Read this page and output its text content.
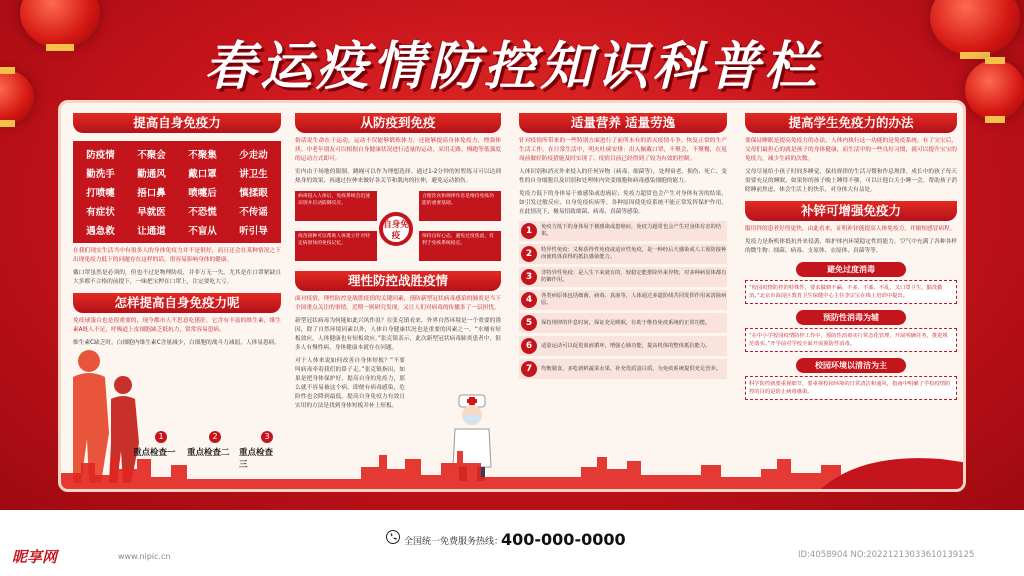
春运疫情防控知识科普栏
提高自身免疫力
防疫情	不聚会	不聚集	少走动
勤洗手	勤通风	戴口罩	讲卫生
打喷嚏	捂口鼻	喷嚏后	慎揉眼
有症状	早就医	不恐慌	不传谣
遇急救	让通道	不盲从	听引导
在我们现实生活当中有很多人的身体免疫力并不是很好，而且还会在某种情况之下出现免疫力低下的问题存在这样的话，很容易影响身体的健康。
戴口罩虽然是必须的，但也不过是物理防疫，并非万无一失。尤其是在口罩紧缺且大多都不合格的前提下，一味把宝押在口罩上，注定要吃大亏。
怎样提高自身免疫力呢
免疫球蛋白也是很重要的，现今都市人不思意吃猪肝，它含有丰富的维生素，维生素A既人不足，呼吸道上皮细胞缺乏抵抗力，常常容易患病。
维生素C缺乏时，白细胞内维生素C含量减少，白细胞的战斗力减弱，人体易患病。
1	2	3
重点检查一 重点检查二 重点检查三
从防疫到免疫
俗话说生命在于运动，运动不仅能够锻炼体力，还能够提高身体免疫力，增强体质。中老年朋友可以根据自身健康状况进行适量的运动，采用走路、慢跑等低强度的运动方式即可。
室内由于场地的限制，跳绳可以作为理想选择。通过1-2分钟的短暂练习可以达到热身的效果，再通过拉伸来做好各关节和肌肉的拉伸，避免运动损伤。
病毒侵入人体后，免疫系统会迅速识别并启动防御反应。
合理饮食和规律作息是维持免疫功能的重要基础。
疫苗接种可以帮助人体建立针对特定病原体的免疫记忆。
保持良好心态，避免过度焦虑，有利于免疫系统稳定。
自身免疫
理性防控战胜疫情
面对疫情，理性防控是战胜疫情的关键因素，预防新型冠状病毒感染的肺炎是当下全国重点关注的事情。近期一则研究发现，又让人们对病毒的传播多了一层担忧。
新型冠状病毒为何能如此兴风作浪？在张克镇看来，外界自然环境是一个重要的诱因，除了自然环境因素以外，人体自身健康状况也是重要的因素之一。“水桶有短板效应，人体健康也有短板效应。”张克镇表示，此次新型冠状病毒肺炎患者中，很多人有慢性病，身体健康本就存在问题。
对于人体来说如何改善自身体短板？“不要叫病毒牵着我们的鼻子走。”张克镇指出，如果是把身体保护好，提高自身的免疫力，那么就不容易被这个病。即便有病毒感染，危险性也会降到最低。提高自身免疫力有效且实用的方法是找到身体短板并补上短板。
适量营养 适量劳逸
针对疫情所带来的一些特别方面进行了前所未有的消灭疫情斗争，恢复正常的生产生活工作。在日常生活中，明火吐痰安排：出入佩戴口罩，不聚会，不聚餐，在返岗前做好防疫措施及时实现了。疫情目前已经得到了较为有效的控制。
人体识别和消灭外来侵入的任何异物（病毒、细菌等），处理衰老、损伤、死亡、变性的自身细胞以及识别和处理体内突变细胞和病毒感染细胞的能力。
免疫力低下的身体易于被感染或患癌症；免疫力超常也会产生对身体有害的结果，如引发过敏反应、自身免疫疾病等。各种原因使免疫系统不能正常发挥保护作用，在此情况下，极易招致细菌、病毒、真菌等感染。
1	免疫力低下的身体易于被感染或患癌症，免疫力超常也会产生对身体有害的结果。
2	特异性免疫：又称获得性免疫或适应性免疫，是一种经后天感染或人工预防接种而使机体获得的抵抗感染能力。
3	非特异性免疫：是人生下来就有的，较稳定能排除外来异物，对多种病原体都有防御作用。
4	各类病原体包括细菌、病毒、真菌等，人体通过多道防线共同发挥作用来清除病原。
5	保持规律的作息时间，保证充足睡眠，有助于维持免疫系统的正常功能。
6	适量运动可以促进血液循环，增强心肺功能，提高机体的整体抵抗能力。
7	均衡膳食，多吃新鲜蔬菜水果，补充优质蛋白质，为免疫系统提供充足营养。
提高学生免疫力的办法
要保证睡眠是提高免疫力的办法，人体内执行这一功能的是免疫系统。有了宝宝后，父母们最担心的就是孩子的身体健康，而生活中的一些良好习惯，就可以提升宝宝的免疫力，减少生病的次数。
父母尽量给小孩子时间多睡觉，保持规律的生活习惯和作息规律。成长中的孩子每天需要充足的睡眠，如果你的孩子晚上睡得不够，可以让他白天小睡一会。帮助孩子消除睡前焦虑，体会生活上的快乐，对身体大有益处。
补锌可增强免疫力
服用锌的患者好得更快，由此看来，证明补锌能提高人体免疫力，并缩短感冒病程。
免疫力是指机体抵抗外来侵袭，维护体内环境稳定性的能力。空气中充满了各种各样的微生物：细菌、病毒、支原体、衣原体、真菌等等。
避免过度消毒
“校园疫情防控的特殊性，要求做到不漏、不多、不滥、不乱，又口罩卫生，勤洗勤消。”北京市海淀区教育卫生保健中心主任李宗宝在线上培训中提出。
预防性消毒为辅
“在中小学校园疫情防控工作中，预防性消毒实行常态化管理，开展明确任务，推进规范落实。”开学前对学校全面开展预防性消毒。
校园环境以清洁为主
科学防控就要重视细节，要重视校园环境的日常清洁和通风，指南中明确了学校疫情防控的目的是防止病毒感染。
昵享网	www.nipic.cn
全国统一免费服务热线：
400-000-0000
ID:4058904 NO:20221213033610139125
